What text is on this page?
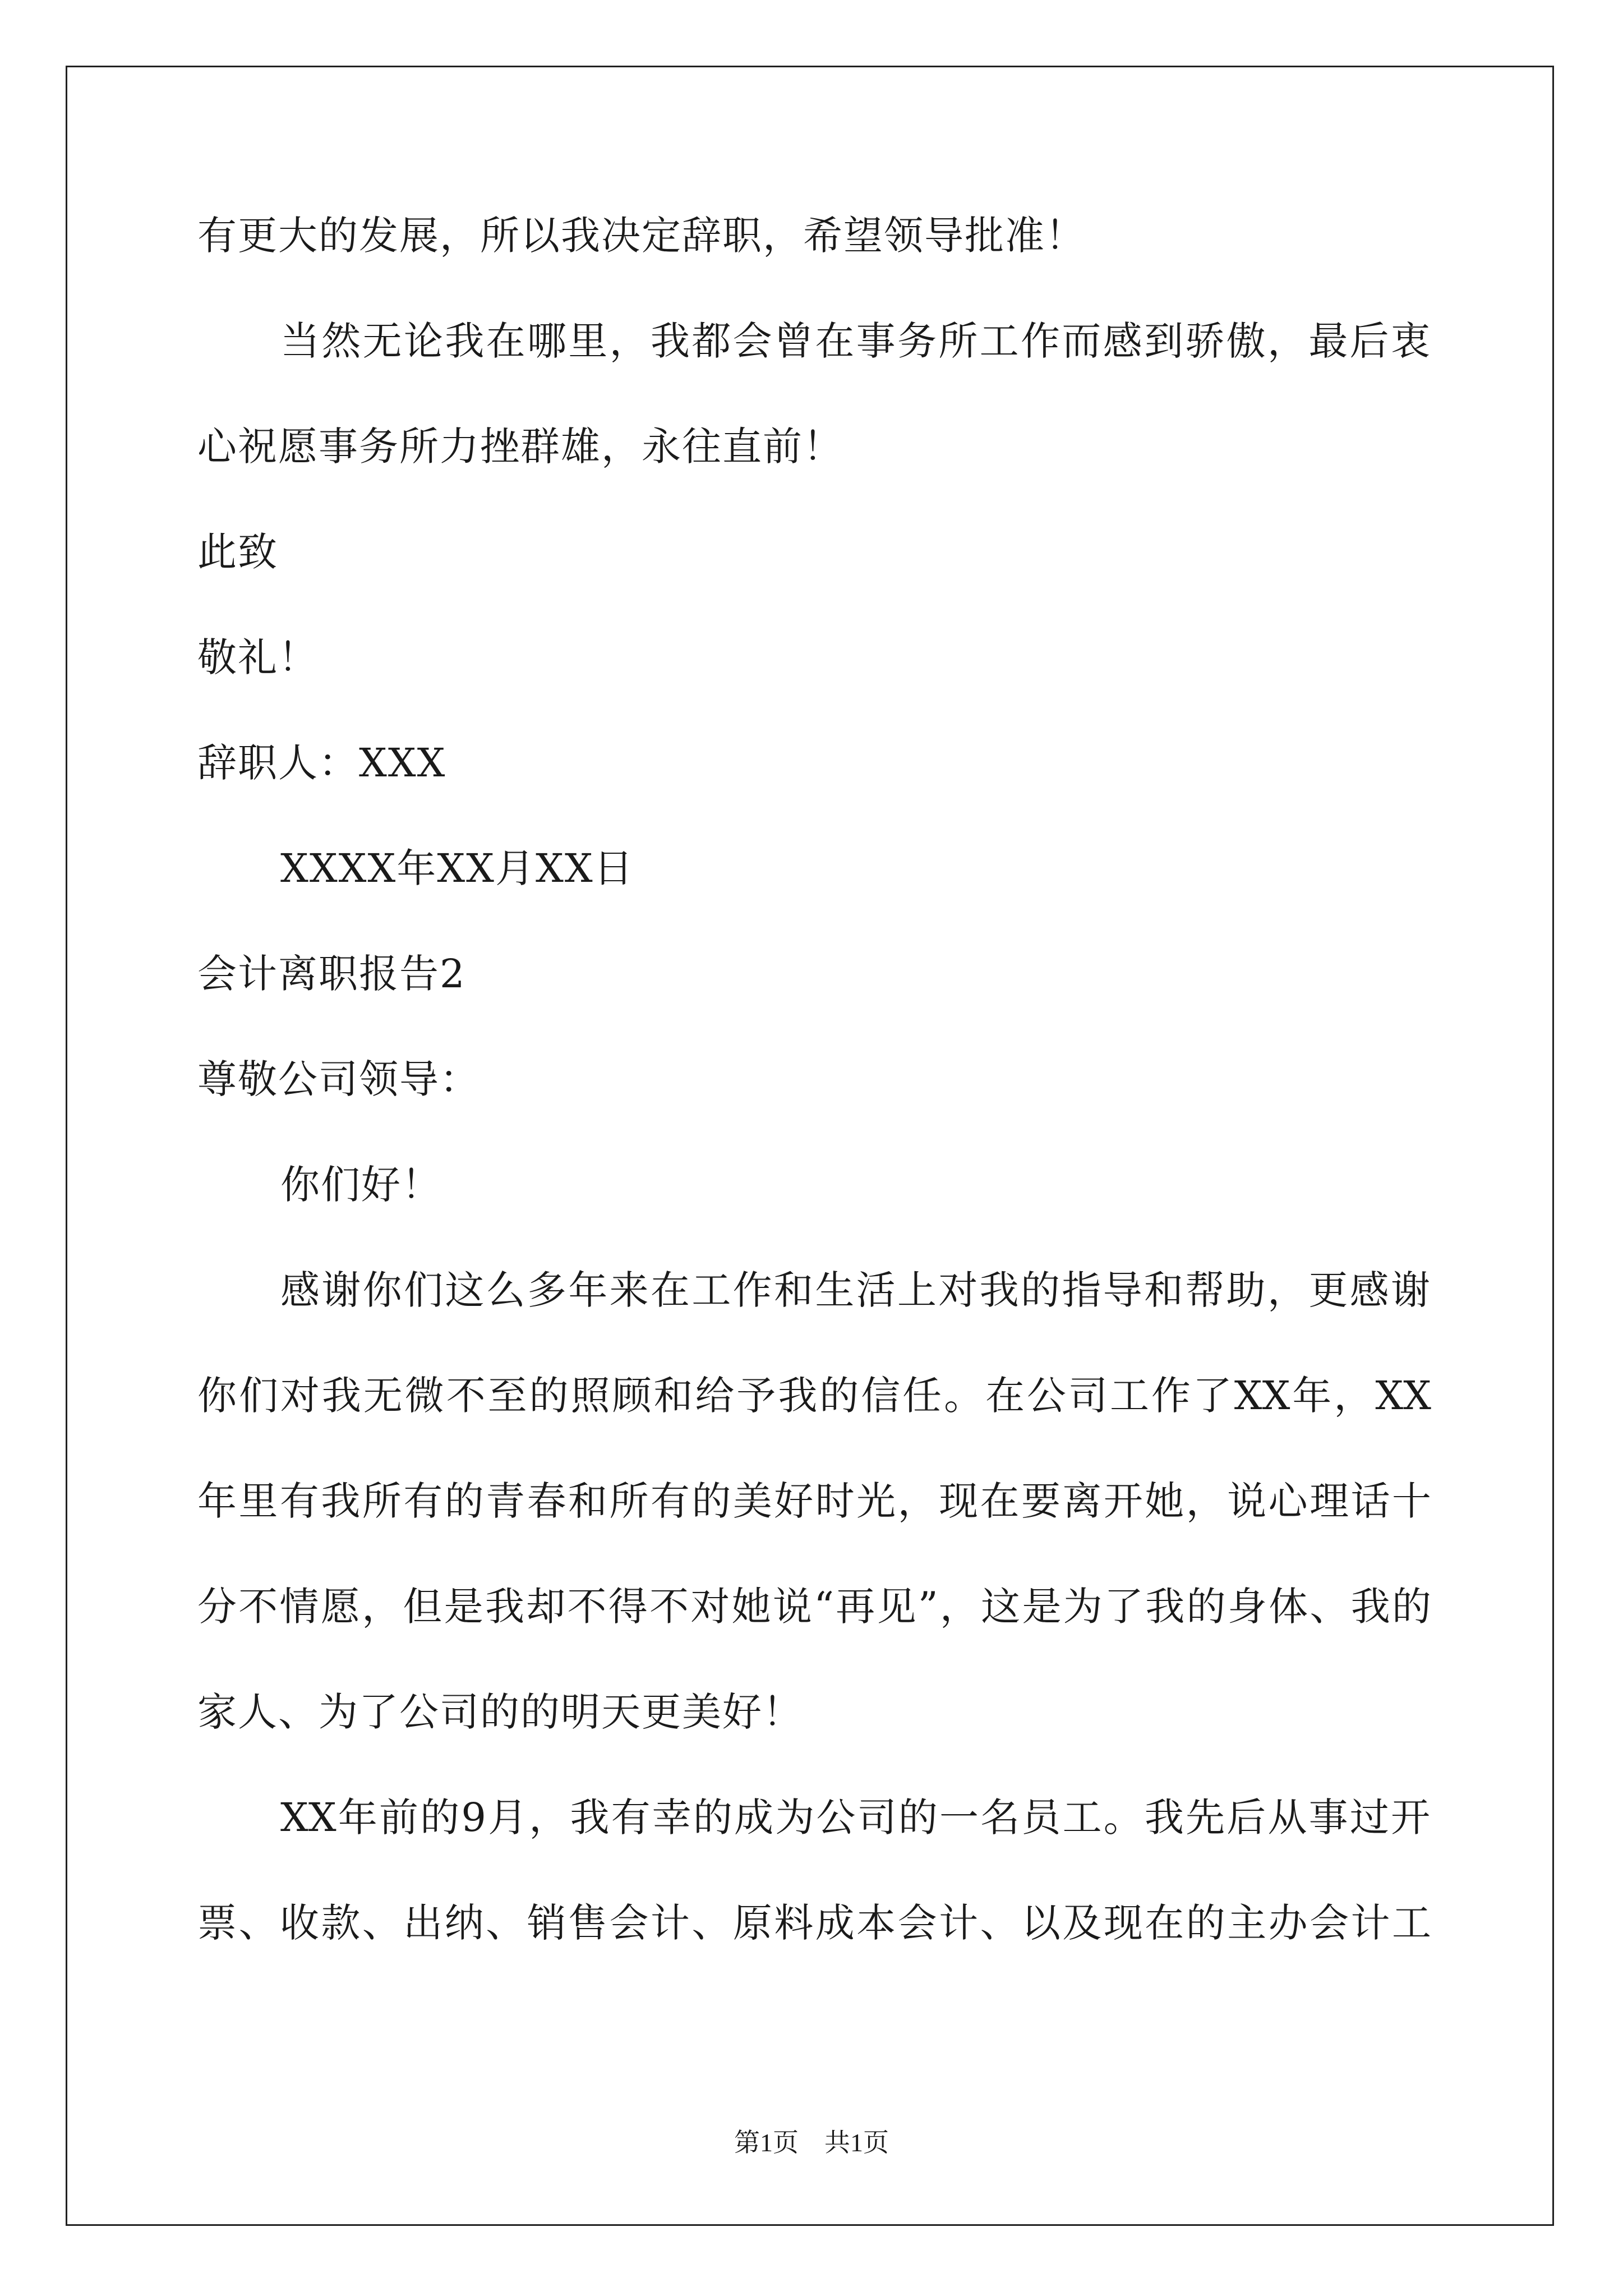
有更大的发展，所以我决定辞职，希望领导批准！
当然无论我在哪里，我都会曾在事务所工作而感到骄傲，最后衷
心祝愿事务所力挫群雄，永往直前！
此致
敬礼！
辞职人：XXX
XXXX年XX月XX日
会计离职报告2
尊敬公司领导：
你们好！
感谢你们这么多年来在工作和生活上对我的指导和帮助，更感谢
你们对我无微不至的照顾和给予我的信任。在公司工作了XX年，XX
年里有我所有的青春和所有的美好时光，现在要离开她，说心理话十
分不情愿，但是我却不得不对她说“再见”，这是为了我的身体、我的
家人、为了公司的的明天更美好！
XX年前的9月，我有幸的成为公司的一名员工。我先后从事过开
票、收款、出纳、销售会计、原料成本会计、以及现在的主办会计工
第1页　共1页
